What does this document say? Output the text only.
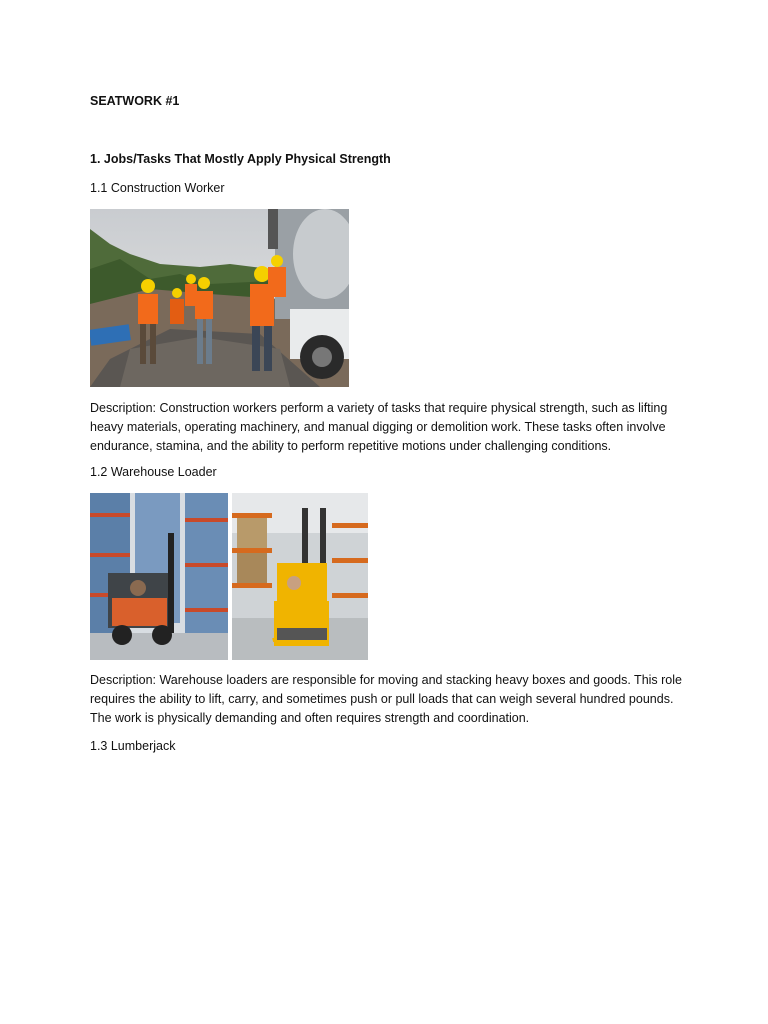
SEATWORK #1

1. Jobs/Tasks That Mostly Apply Physical Strength

1.1 Construction Worker

Description: Construction workers perform a variety of tasks that require physical strength, such as lifting heavy materials, operating machinery, and manual digging or demolition work. These tasks often involve endurance, stamina, and the ability to perform repetitive motions under challenging conditions.

1.2 Warehouse Loader

Description: Warehouse loaders are responsible for moving and stacking heavy boxes and goods. This role requires the ability to lift, carry, and sometimes push or pull loads that can weigh several hundred pounds. The work is physically demanding and often requires strength and coordination.

1.3 Lumberjack
